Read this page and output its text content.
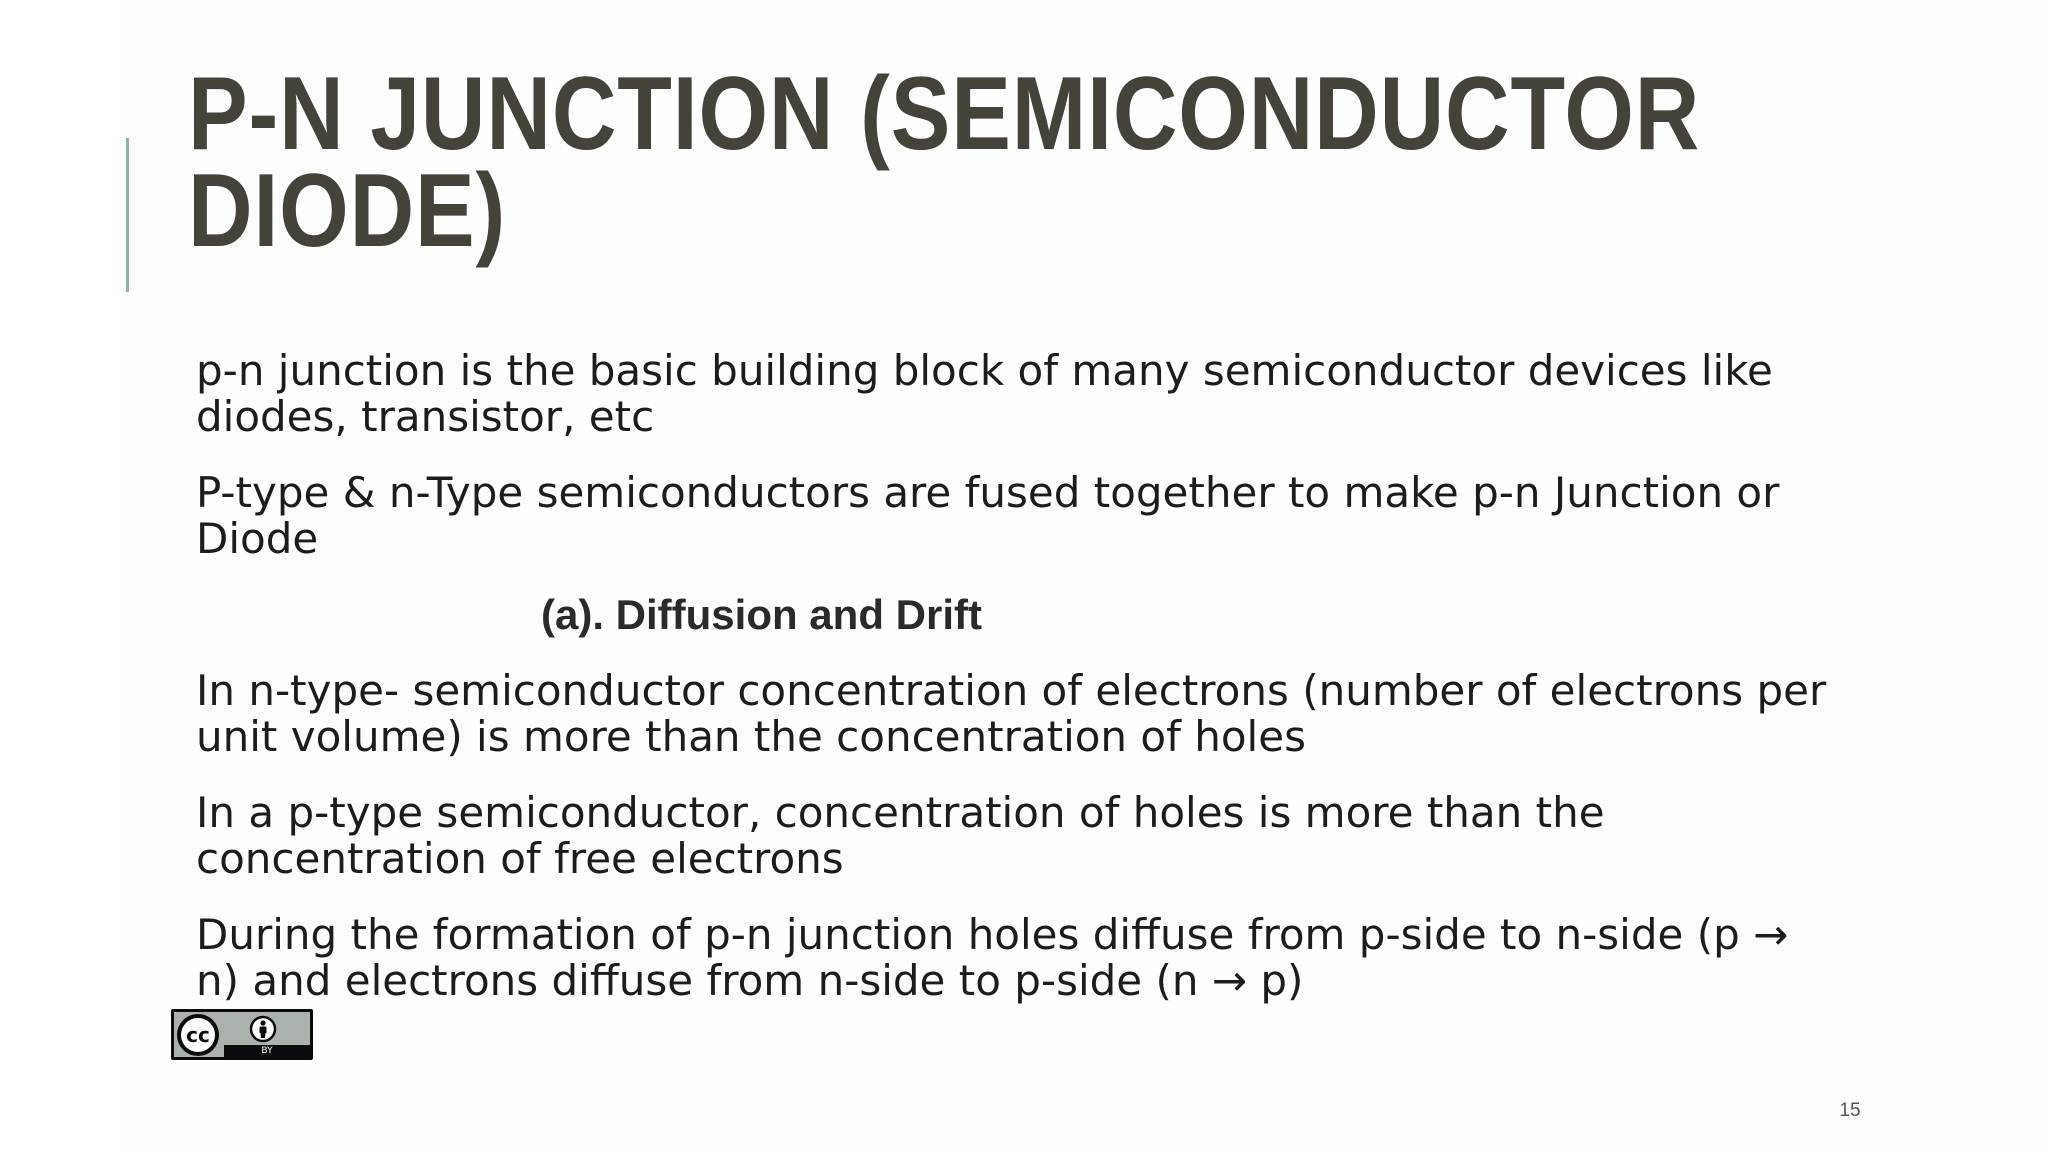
P-N JUNCTION (SEMICONDUCTOR
DIODE)

p-n junction is the basic building block of many semiconductor devices like diodes, transistor, etc

P-type & n-Type semiconductors are fused together to make p-n Junction or Diode

(a). Diffusion and Drift

In n-type- semiconductor concentration of electrons (number of electrons per unit volume) is more than the concentration of holes

In a p-type semiconductor, concentration of holes is more than the concentration of free electrons

During the formation of p-n junction holes diffuse from p-side to n-side (p → n) and electrons diffuse from n-side to p-side (n → p)

BY
cc
15
